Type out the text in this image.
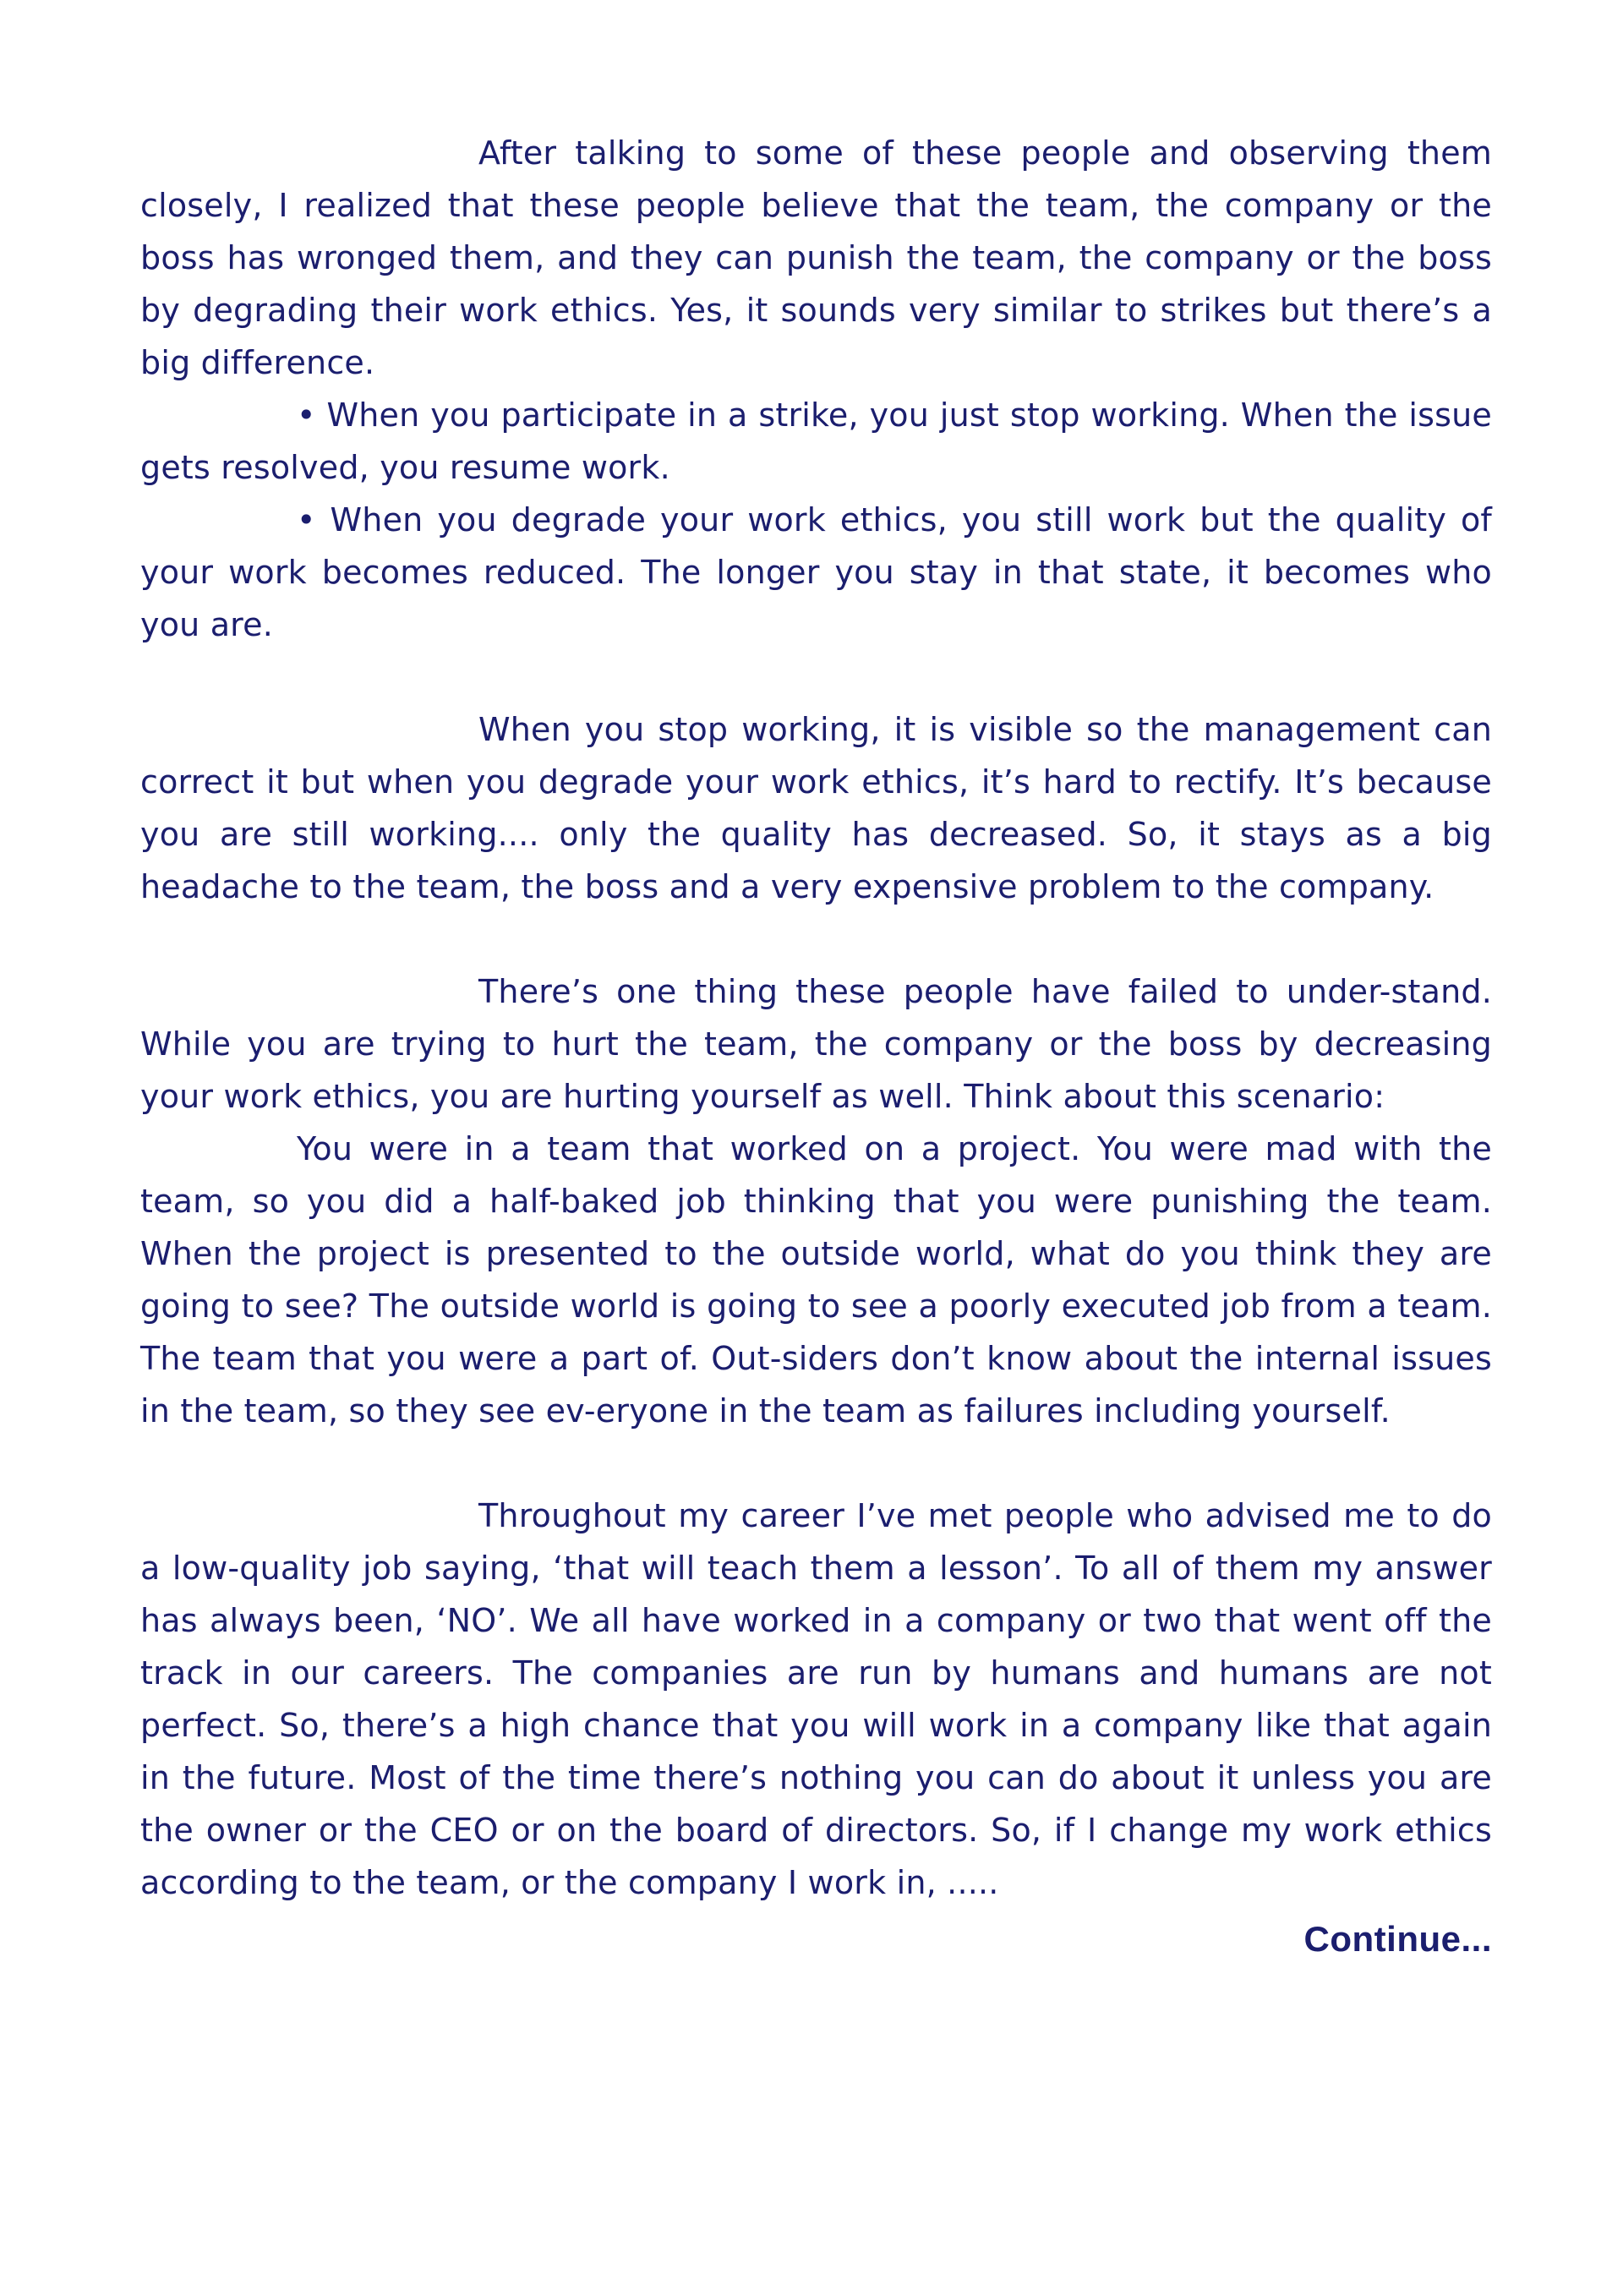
After talking to some of these people and observing them closely, I realized that these people believe that the team, the company or the boss has wronged them, and they can punish the team, the company or the boss by degrading their work ethics. Yes, it sounds very similar to strikes but there’s a big difference.

• When you participate in a strike, you just stop working. When the issue gets resolved, you resume work.

• When you degrade your work ethics, you still work but the quality of your work becomes reduced. The longer you stay in that state, it becomes who you are.

When you stop working, it is visible so the management can correct it but when you degrade your work ethics, it’s hard to rectify. It’s because you are still working.... only the quality has decreased. So, it stays as a big headache to the team, the boss and a very expensive problem to the company.

There’s one thing these people have failed to under-stand. While you are trying to hurt the team, the company or the boss by decreasing your work ethics, you are hurting yourself as well. Think about this scenario:

You were in a team that worked on a project. You were mad with the team, so you did a half-baked job thinking that you were punishing the team. When the project is presented to the outside world, what do you think they are going to see? The outside world is going to see a poorly executed job from a team. The team that you were a part of. Out-siders don’t know about the internal issues in the team, so they see ev-eryone in the team as failures including yourself.

Throughout my career I’ve met people who advised me to do a low-quality job saying, ‘that will teach them a lesson’. To all of them my answer has always been, ‘NO’. We all have worked in a company or two that went off the track in our careers. The companies are run by humans and humans are not perfect. So, there’s a high chance that you will work in a company like that again in the future. Most of the time there’s nothing you can do about it unless you are the owner or the CEO or on the board of directors. So, if I change my work ethics according to the team, or the company I work in, .....

Continue...
